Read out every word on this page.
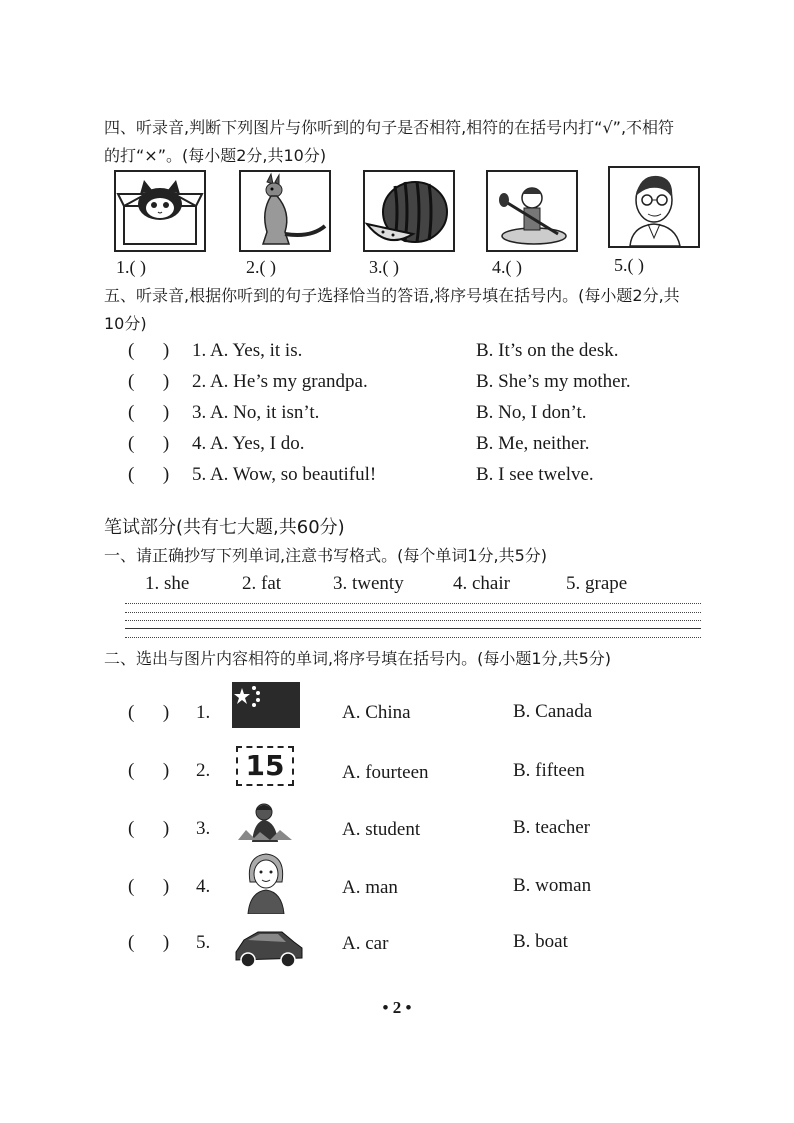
四、听录音,判断下列图片与你听到的句子是否相符,相符的在括号内打“√”,不相符
的打“×”。(每小题2分,共10分)
1.( )	2.( )	3.( )	4.( )	5.( )
五、听录音,根据你听到的句子选择恰当的答语,将序号填在括号内。(每小题2分,共
10分)
(      ) 1. A. Yes, it is.	B. It’s on the desk.
(      ) 2. A. He’s my grandpa.	B. She’s my mother.
(      ) 3. A. No, it isn’t.	B. No, I don’t.
(      ) 4. A. Yes, I do.	B. Me, neither.
(      ) 5. A. Wow, so beautiful!	B. I see twelve.
笔试部分(共有七大题,共60分)
一、请正确抄写下列单词,注意书写格式。(每个单词1分,共5分)
1. she	2. fat	3. twenty	4. chair	5. grape
二、选出与图片内容相符的单词,将序号填在括号内。(每小题1分,共5分)
(      ) 1.	A. China	B. Canada
(      ) 2.	15	A. fourteen	B. fifteen
(      ) 3.	A. student	B. teacher
(      ) 4.	A. man	B. woman
(      ) 5.	A. car	B. boat
• 2 •
